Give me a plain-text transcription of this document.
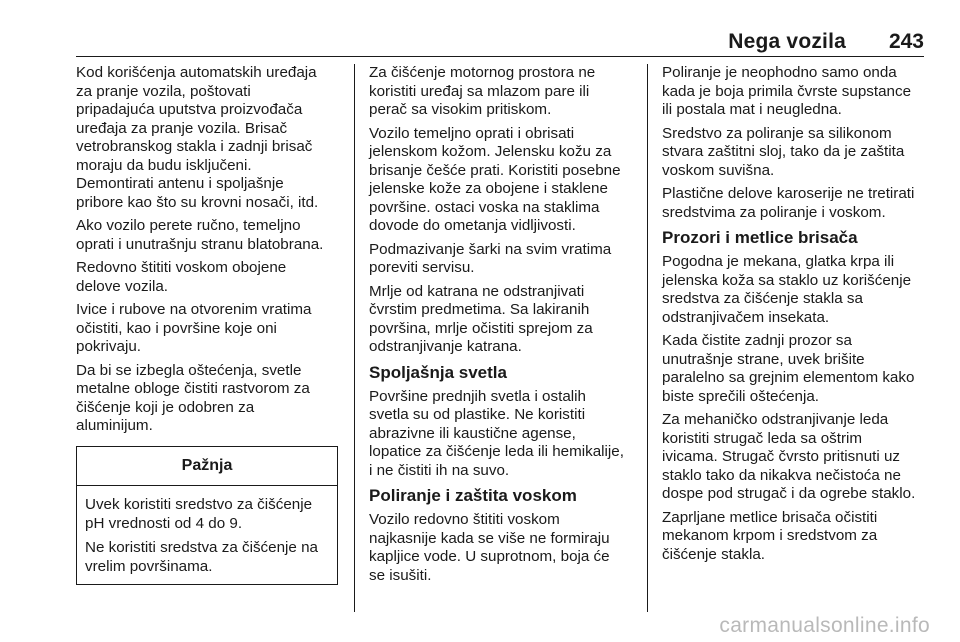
Nega vozila 243

Kod korišćenja automatskih uređaja
za pranje vozila, poštovati
pripadajuća uputstva proizvođača
uređaja za pranje vozila. Brisač
vetrobranskog stakla i zadnji brisač
moraju da budu isključeni.
Demontirati antenu i spoljašnje
pribore kao što su krovni nosači, itd.

Ako vozilo perete ručno, temeljno
oprati i unutrašnju stranu blatobrana.

Redovno štititi voskom obojene
delove vozila.

Ivice i rubove na otvorenim vratima
očistiti, kao i površine koje oni
pokrivaju.

Da bi se izbegla oštećenja, svetle
metalne obloge čistiti rastvorom za
čišćenje koji je odobren za
aluminijum.

Pažnja

Uvek koristiti sredstvo za čišćenje
pH vrednosti od 4 do 9.

Ne koristiti sredstva za čišćenje na
vrelim površinama.

Za čišćenje motornog prostora ne
koristiti uređaj sa mlazom pare ili
perač sa visokim pritiskom.

Vozilo temeljno oprati i obrisati
jelenskom kožom. Jelensku kožu za
brisanje češće prati. Koristiti posebne
jelenske kože za obojene i staklene
površine. ostaci voska na staklima
dovode do ometanja vidljivosti.

Podmazivanje šarki na svim vratima
poreviti servisu.

Mrlje od katrana ne odstranjivati
čvrstim predmetima. Sa lakiranih
površina, mrlje očistiti sprejom za
odstranjivanje katrana.

Spoljašnja svetla

Površine prednjih svetla i ostalih
svetla su od plastike. Ne koristiti
abrazivne ili kaustične agense,
lopatice za čišćenje leda ili hemikalije,
i ne čistiti ih na suvo.

Poliranje i zaštita voskom

Vozilo redovno štititi voskom
najkasnije kada se više ne formiraju
kapljice vode. U suprotnom, boja će
se isušiti.

Poliranje je neophodno samo onda
kada je boja primila čvrste supstance
ili postala mat i neugledna.

Sredstvo za poliranje sa silikonom
stvara zaštitni sloj, tako da je zaštita
voskom suvišna.

Plastične delove karoserije ne tretirati
sredstvima za poliranje i voskom.

Prozori i metlice brisača

Pogodna je mekana, glatka krpa ili
jelenska koža sa staklo uz korišćenje
sredstva za čišćenje stakla sa
odstranjivačem insekata.

Kada čistite zadnji prozor sa
unutrašnje strane, uvek brišite
paralelno sa grejnim elementom kako
biste sprečili oštećenja.

Za mehaničko odstranjivanje leda
koristiti strugač leda sa oštrim
ivicama. Strugač čvrsto pritisnuti uz
staklo tako da nikakva nečistoća ne
dospe pod strugač i da ogrebe staklo.

Zaprljane metlice brisača očistiti
mekanom krpom i sredstvom za
čišćenje stakla.

carmanualsonline.info
